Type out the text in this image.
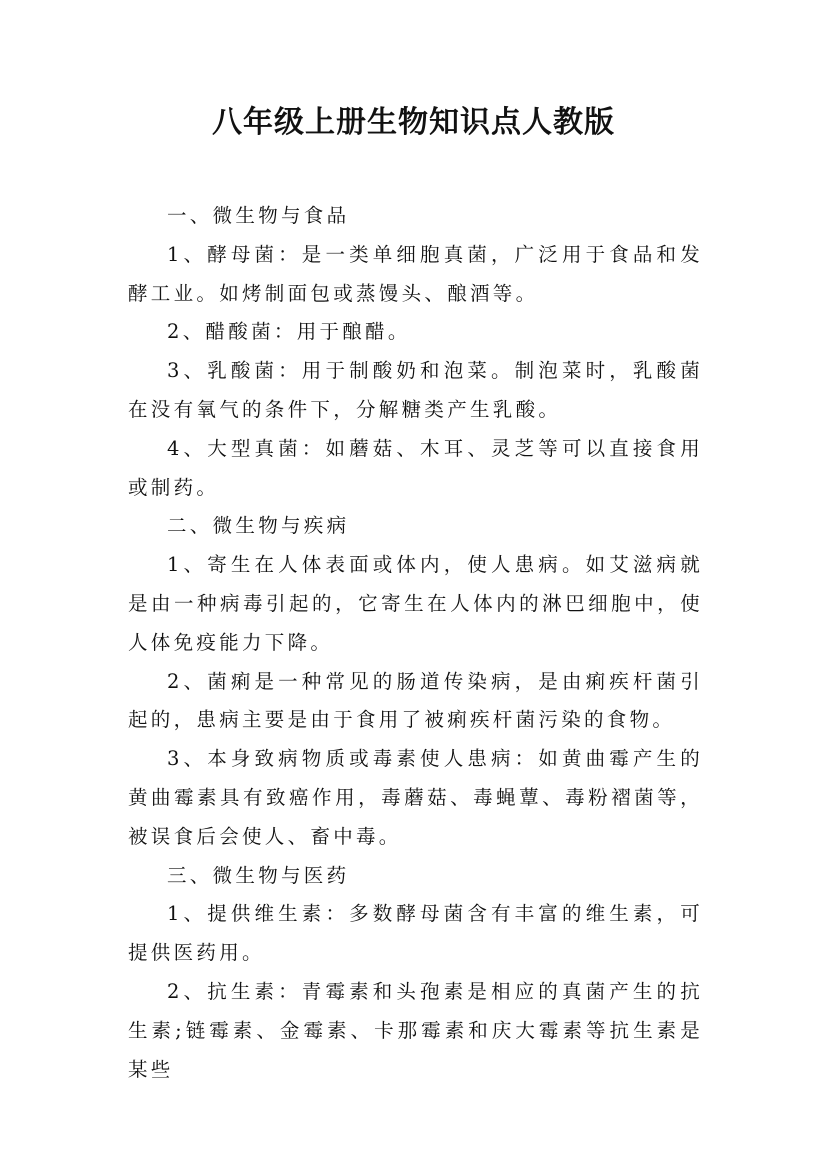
八年级上册生物知识点人教版

一、微生物与食品

1、酵母菌：是一类单细胞真菌，广泛用于食品和发酵工业。如烤制面包或蒸馒头、酿酒等。

2、醋酸菌：用于酿醋。

3、乳酸菌：用于制酸奶和泡菜。制泡菜时，乳酸菌在没有氧气的条件下，分解糖类产生乳酸。

4、大型真菌：如蘑菇、木耳、灵芝等可以直接食用或制药。

二、微生物与疾病

1、寄生在人体表面或体内，使人患病。如艾滋病就是由一种病毒引起的，它寄生在人体内的淋巴细胞中，使人体免疫能力下降。

2、菌痢是一种常见的肠道传染病，是由痢疾杆菌引起的，患病主要是由于食用了被痢疾杆菌污染的食物。

3、本身致病物质或毒素使人患病：如黄曲霉产生的黄曲霉素具有致癌作用，毒蘑菇、毒蝇蕈、毒粉褶菌等，被误食后会使人、畜中毒。

三、微生物与医药

1、提供维生素：多数酵母菌含有丰富的维生素，可提供医药用。

2、抗生素：青霉素和头孢素是相应的真菌产生的抗生素;链霉素、金霉素、卡那霉素和庆大霉素等抗生素是某些
